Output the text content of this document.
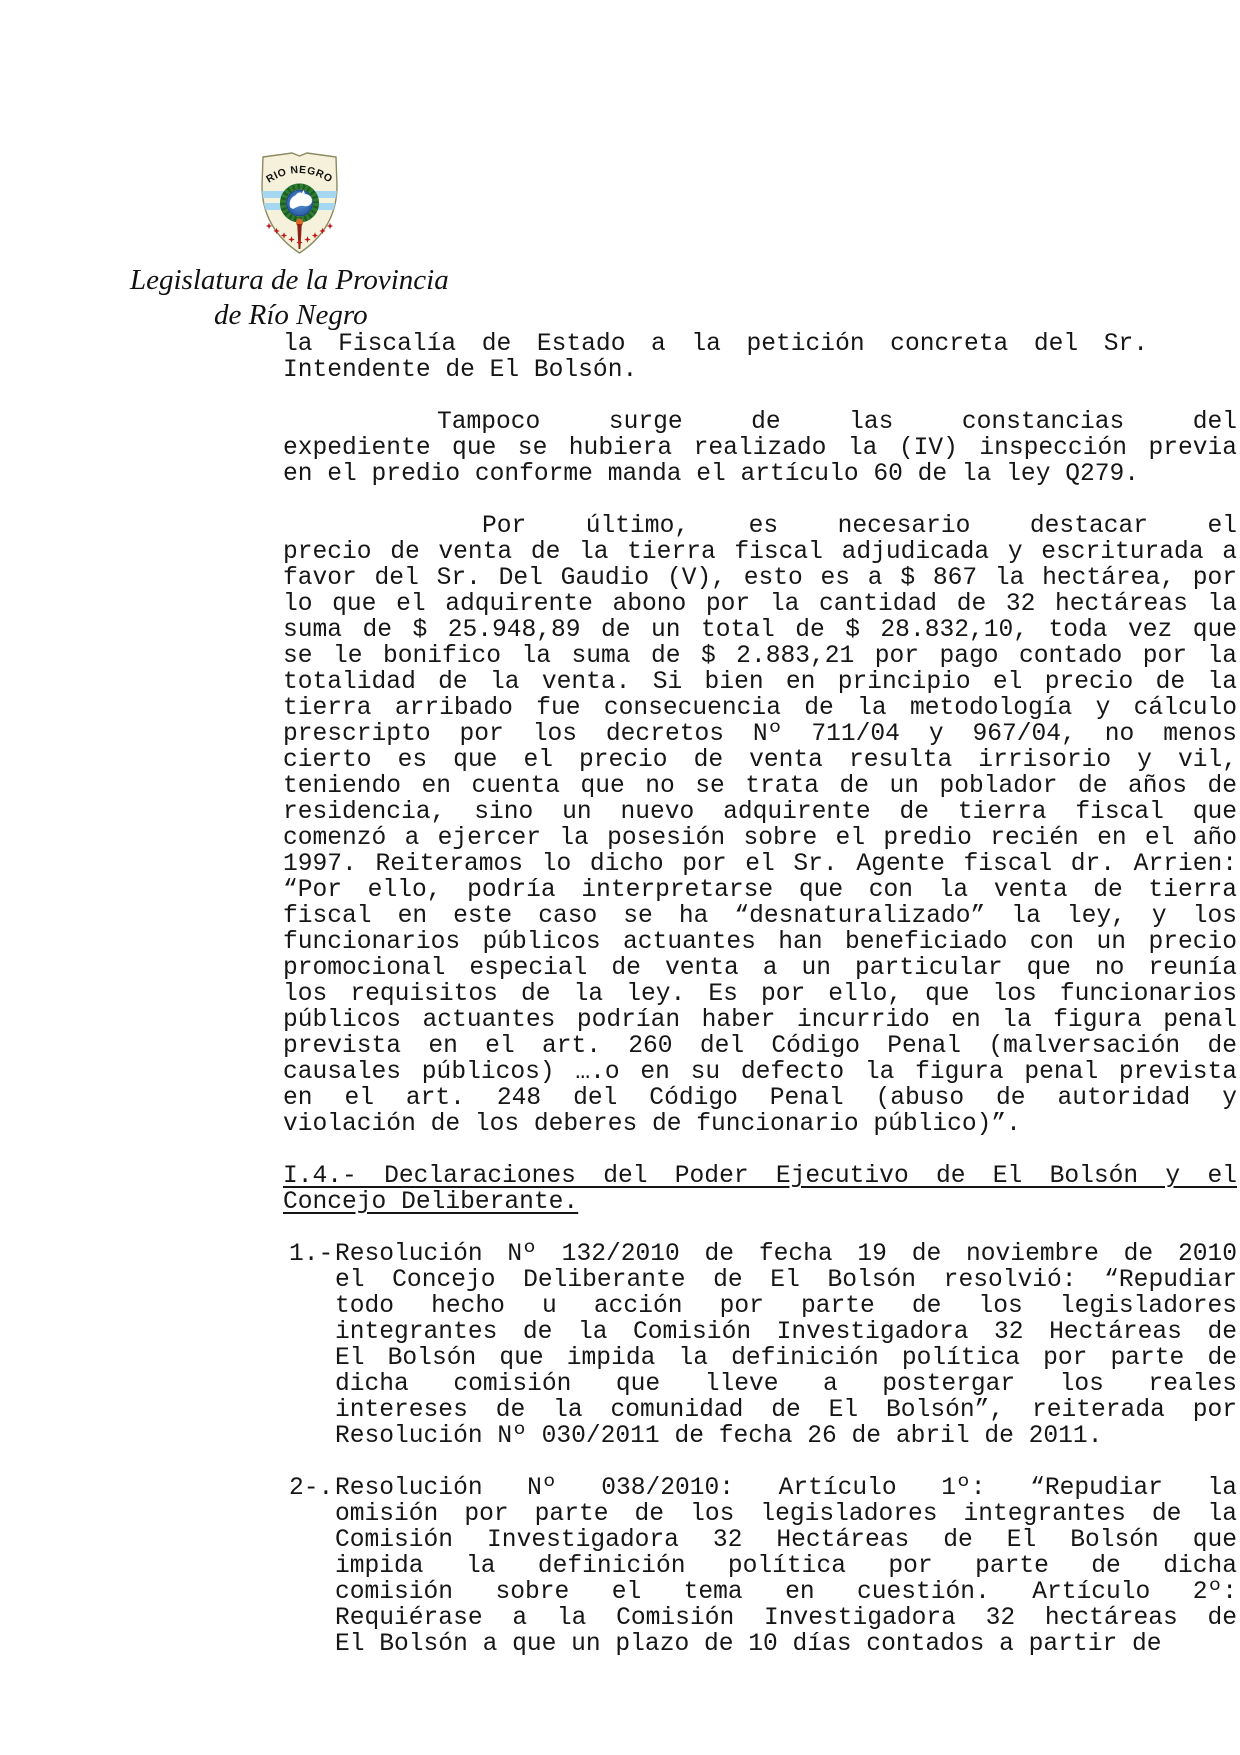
RIO NEGRO
Legislatura de la Provincia
de Río Negro
la Fiscalía de Estado a la petición concreta del Sr.
Intendente de El Bolsón.
Tampoco surge de las constancias del
expediente que se hubiera realizado la (IV) inspección previa
en el predio conforme manda el artículo 60 de la ley Q279.
Por último, es necesario destacar el
precio de venta de la tierra fiscal adjudicada y escriturada a
favor del Sr. Del Gaudio (V), esto es a $ 867 la hectárea, por
lo que el adquirente abono por la cantidad de 32 hectáreas la
suma de $ 25.948,89 de un total de $ 28.832,10, toda vez que
se le bonifico la suma de $ 2.883,21 por pago contado por la
totalidad de la venta. Si bien en principio el precio de la
tierra arribado fue consecuencia de la metodología y cálculo
prescripto por los decretos Nº 711/04 y 967/04, no menos
cierto es que el precio de venta resulta irrisorio y vil,
teniendo en cuenta que no se trata de un poblador de años de
residencia, sino un nuevo adquirente de tierra fiscal que
comenzó a ejercer la posesión sobre el predio recién en el año
1997. Reiteramos lo dicho por el Sr. Agente fiscal dr. Arrien:
“Por ello, podría interpretarse que con la venta de tierra
fiscal en este caso se ha “desnaturalizado” la ley, y los
funcionarios públicos actuantes han beneficiado con un precio
promocional especial de venta a un particular que no reunía
los requisitos de la ley. Es por ello, que los funcionarios
públicos actuantes podrían haber incurrido en la figura penal
prevista en el art. 260 del Código Penal (malversación de
causales públicos) ….o en su defecto la figura penal prevista
en el art. 248 del Código Penal (abuso de autoridad y
violación de los deberes de funcionario público)”.
I.4.- Declaraciones del Poder Ejecutivo de El Bolsón y el
Concejo Deliberante.
1.- Resolución Nº 132/2010 de fecha 19 de noviembre de 2010
el Concejo Deliberante de El Bolsón resolvió: “Repudiar
todo hecho u acción por parte de los legisladores
integrantes de la Comisión Investigadora 32 Hectáreas de
El Bolsón que impida la definición política por parte de
dicha comisión que lleve a postergar los reales
intereses de la comunidad de El Bolsón”, reiterada por
Resolución Nº 030/2011 de fecha 26 de abril de 2011.
2-. Resolución Nº 038/2010: Artículo 1º: “Repudiar la
omisión por parte de los legisladores integrantes de la
Comisión Investigadora 32 Hectáreas de El Bolsón que
impida la definición política por parte de dicha
comisión sobre el tema en cuestión. Artículo 2º:
Requiérase a la Comisión Investigadora 32 hectáreas de
El Bolsón a que un plazo de 10 días contados a partir de
